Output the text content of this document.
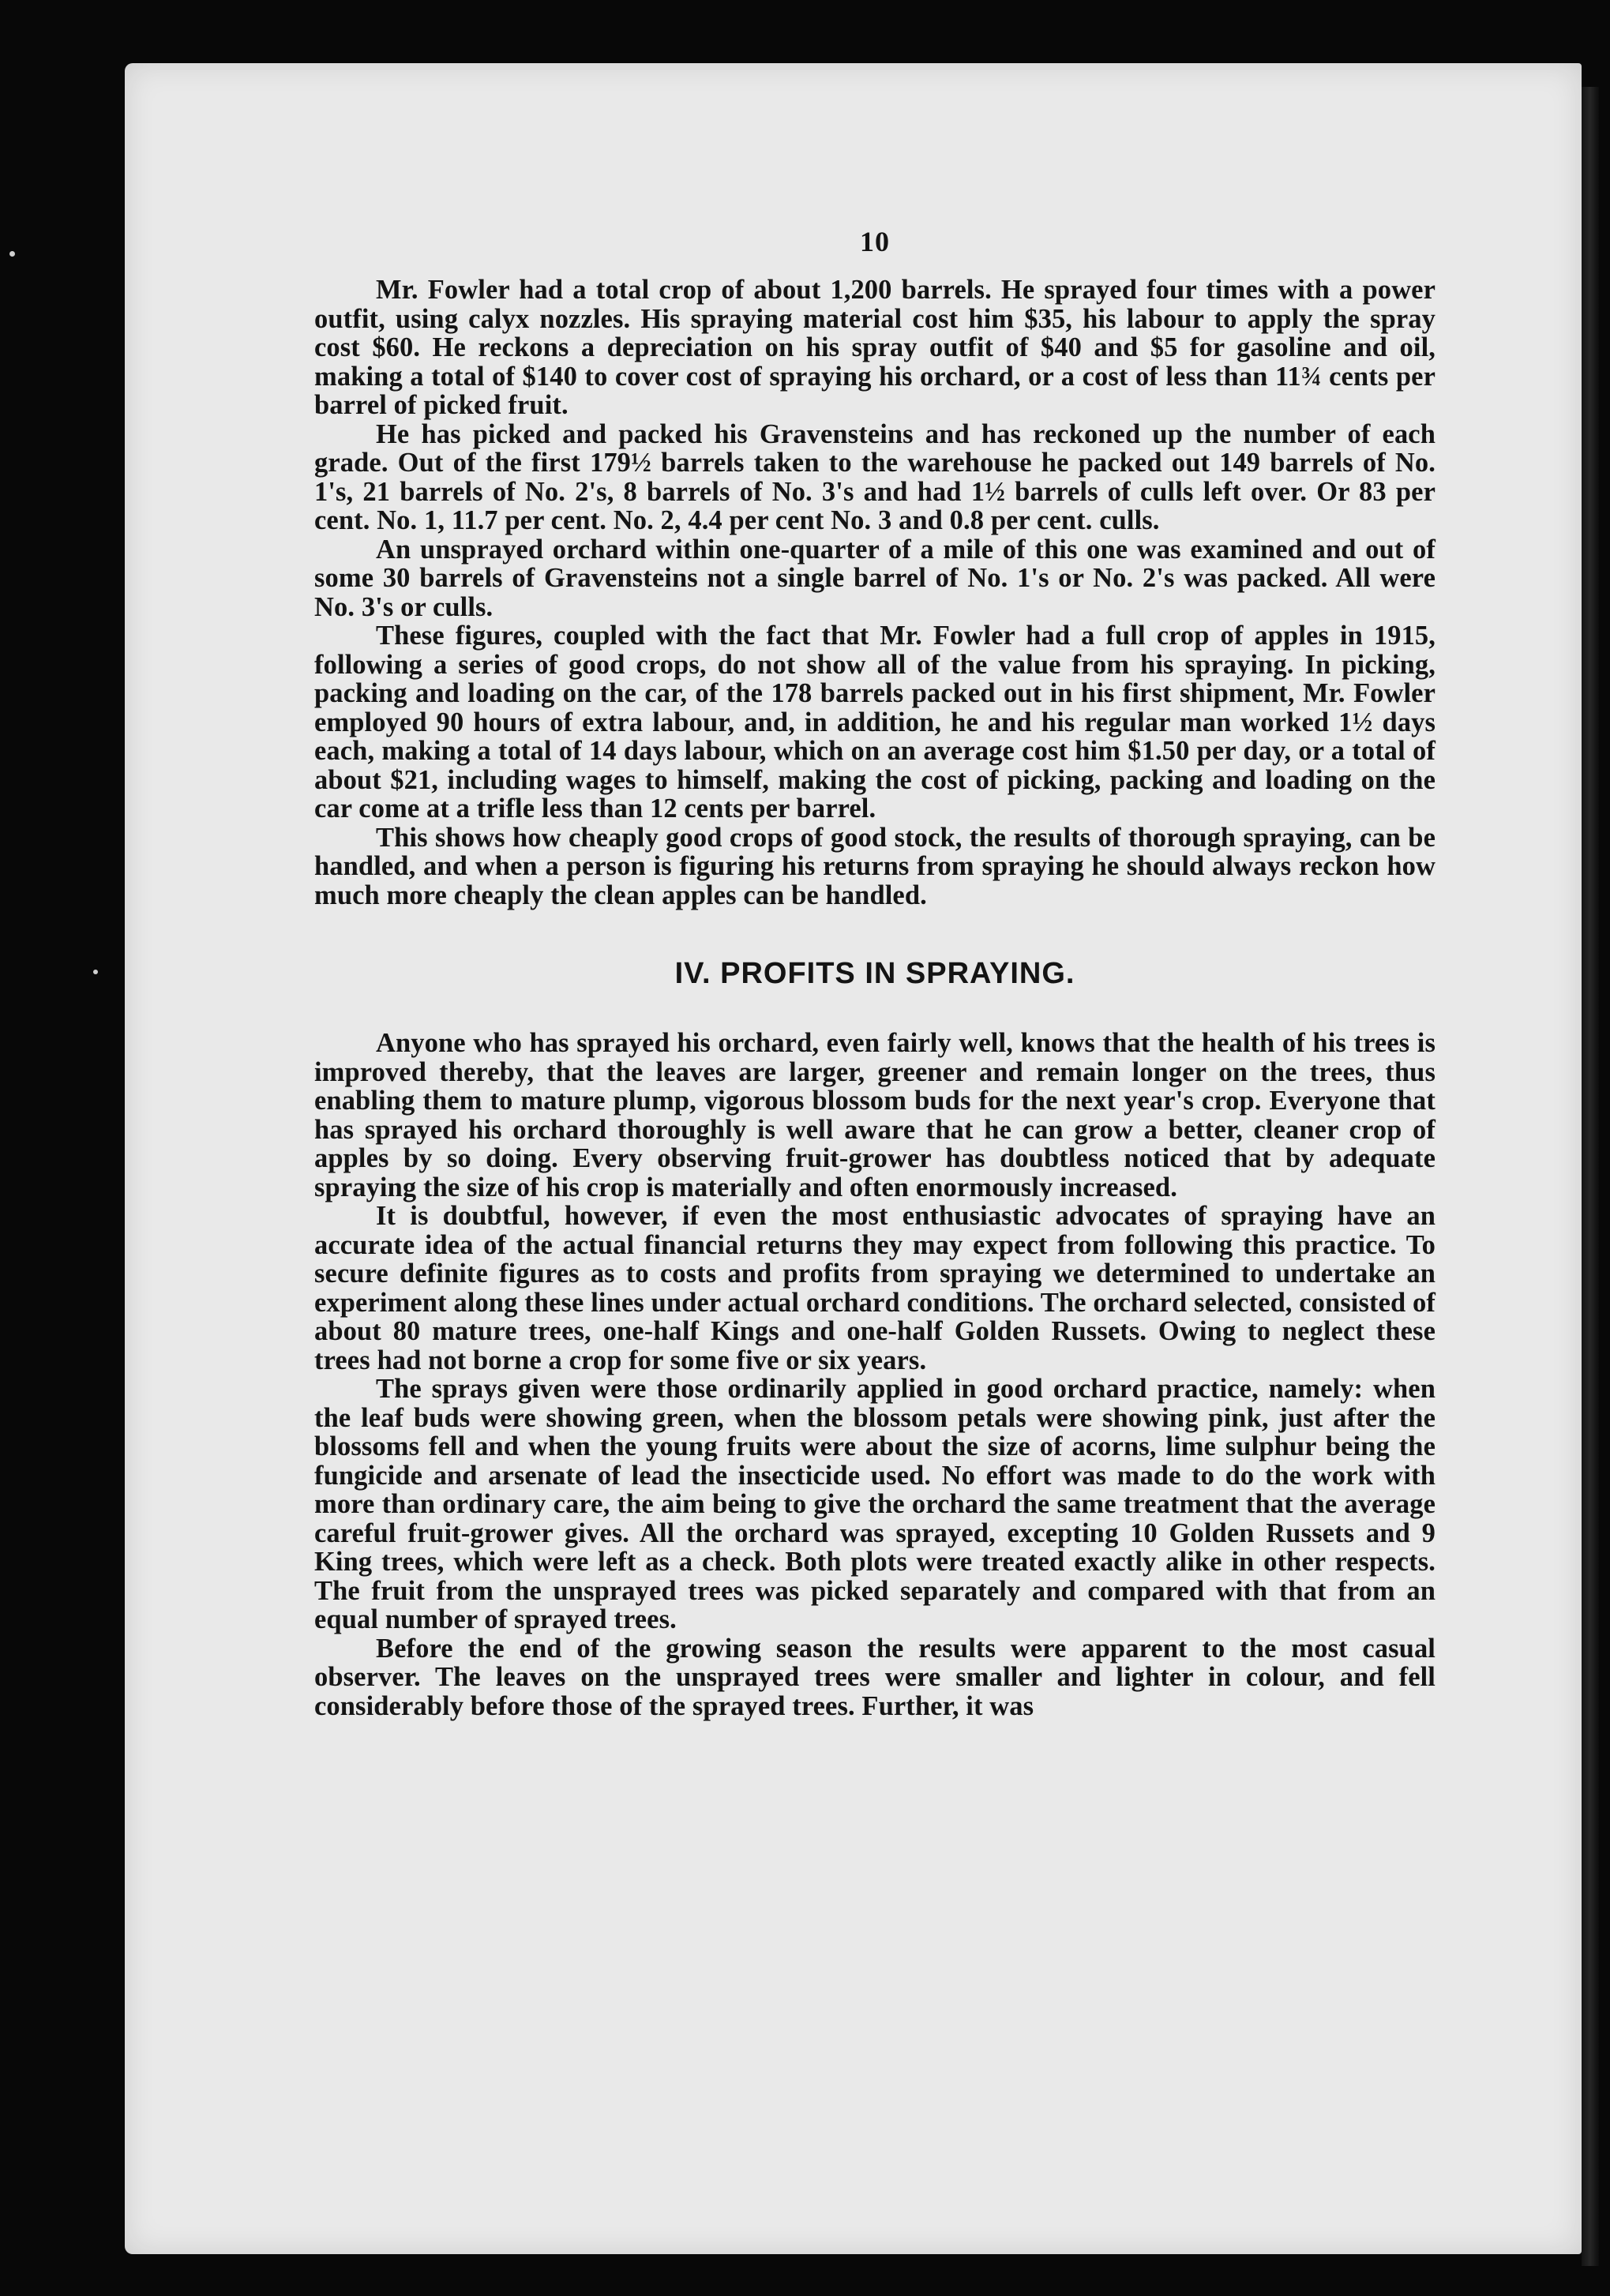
10

Mr. Fowler had a total crop of about 1,200 barrels. He sprayed four times with a power outfit, using calyx nozzles. His spraying material cost him $35, his labour to apply the spray cost $60. He reckons a depreciation on his spray outfit of $40 and $5 for gasoline and oil, making a total of $140 to cover cost of spraying his orchard, or a cost of less than 11¾ cents per barrel of picked fruit.

He has picked and packed his Gravensteins and has reckoned up the number of each grade. Out of the first 179½ barrels taken to the warehouse he packed out 149 barrels of No. 1's, 21 barrels of No. 2's, 8 barrels of No. 3's and had 1½ barrels of culls left over. Or 83 per cent. No. 1, 11.7 per cent. No. 2, 4.4 per cent No. 3 and 0.8 per cent. culls.

An unsprayed orchard within one-quarter of a mile of this one was examined and out of some 30 barrels of Gravensteins not a single barrel of No. 1's or No. 2's was packed. All were No. 3's or culls.

These figures, coupled with the fact that Mr. Fowler had a full crop of apples in 1915, following a series of good crops, do not show all of the value from his spraying. In picking, packing and loading on the car, of the 178 barrels packed out in his first shipment, Mr. Fowler employed 90 hours of extra labour, and, in addition, he and his regular man worked 1½ days each, making a total of 14 days labour, which on an average cost him $1.50 per day, or a total of about $21, including wages to himself, making the cost of picking, packing and loading on the car come at a trifle less than 12 cents per barrel.

This shows how cheaply good crops of good stock, the results of thorough spraying, can be handled, and when a person is figuring his returns from spraying he should always reckon how much more cheaply the clean apples can be handled.

IV. PROFITS IN SPRAYING.

Anyone who has sprayed his orchard, even fairly well, knows that the health of his trees is improved thereby, that the leaves are larger, greener and remain longer on the trees, thus enabling them to mature plump, vigorous blossom buds for the next year's crop. Everyone that has sprayed his orchard thoroughly is well aware that he can grow a better, cleaner crop of apples by so doing. Every observing fruit-grower has doubtless noticed that by adequate spraying the size of his crop is materially and often enormously increased.

It is doubtful, however, if even the most enthusiastic advocates of spraying have an accurate idea of the actual financial returns they may expect from following this practice. To secure definite figures as to costs and profits from spraying we determined to undertake an experiment along these lines under actual orchard conditions. The orchard selected, consisted of about 80 mature trees, one-half Kings and one-half Golden Russets. Owing to neglect these trees had not borne a crop for some five or six years.

The sprays given were those ordinarily applied in good orchard practice, namely: when the leaf buds were showing green, when the blossom petals were showing pink, just after the blossoms fell and when the young fruits were about the size of acorns, lime sulphur being the fungicide and arsenate of lead the insecticide used. No effort was made to do the work with more than ordinary care, the aim being to give the orchard the same treatment that the average careful fruit-grower gives. All the orchard was sprayed, excepting 10 Golden Russets and 9 King trees, which were left as a check. Both plots were treated exactly alike in other respects. The fruit from the unsprayed trees was picked separately and compared with that from an equal number of sprayed trees.

Before the end of the growing season the results were apparent to the most casual observer. The leaves on the unsprayed trees were smaller and lighter in colour, and fell considerably before those of the sprayed trees. Further, it was
